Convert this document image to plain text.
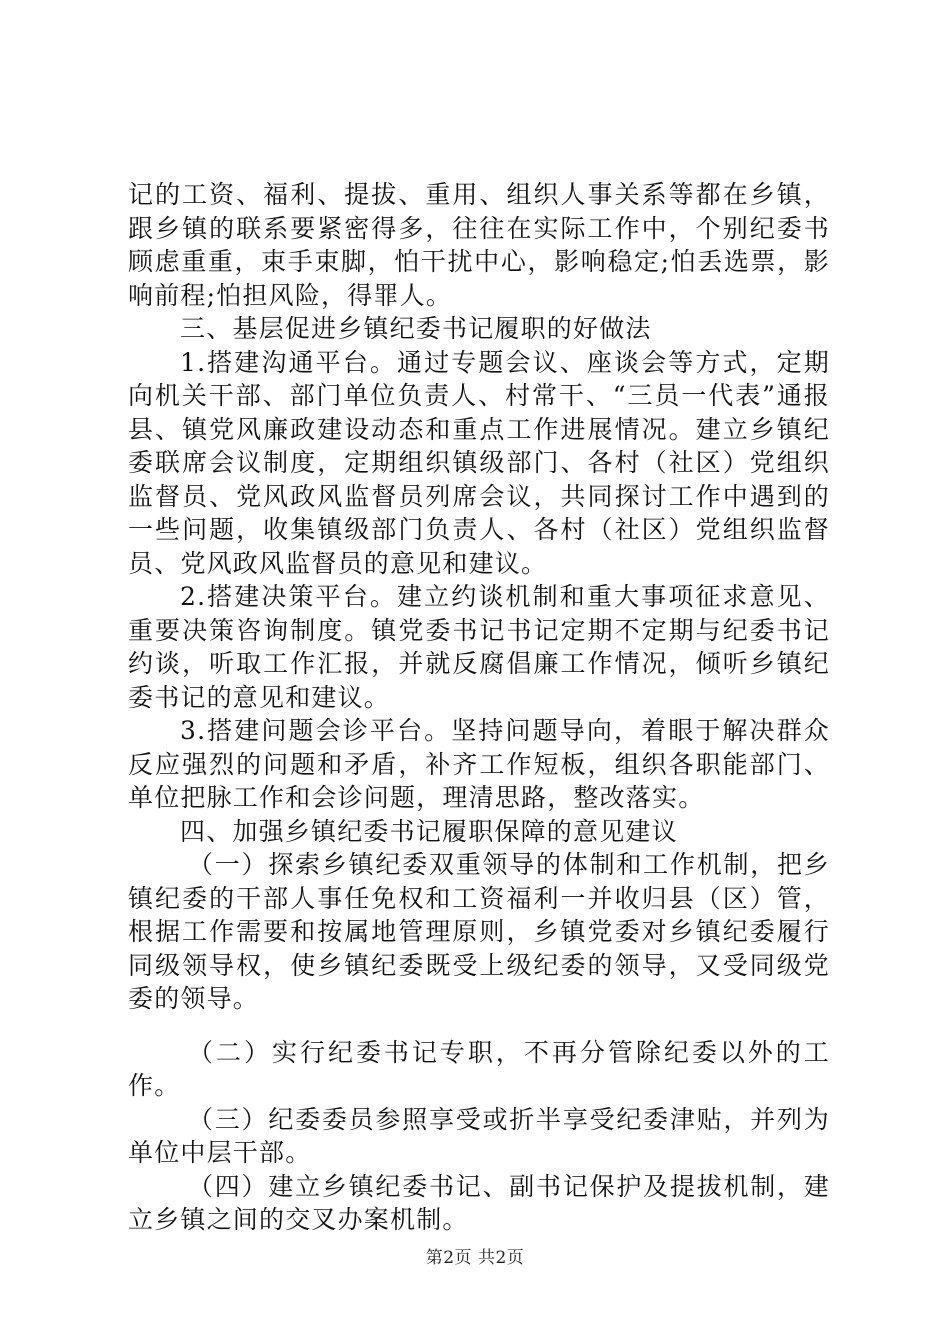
记的工资、福利、提拔、重用、组织人事关系等都在乡镇，跟乡镇的联系要紧密得多，往往在实际工作中，个别纪委书顾虑重重，束手束脚，怕干扰中心，影响稳定;怕丢选票，影响前程;怕担风险，得罪人。

三、基层促进乡镇纪委书记履职的好做法

1.搭建沟通平台。通过专题会议、座谈会等方式，定期向机关干部、部门单位负责人、村常干、“三员一代表”通报县、镇党风廉政建设动态和重点工作进展情况。建立乡镇纪委联席会议制度，定期组织镇级部门、各村（社区）党组织监督员、党风政风监督员列席会议，共同探讨工作中遇到的一些问题，收集镇级部门负责人、各村（社区）党组织监督员、党风政风监督员的意见和建议。

2.搭建决策平台。建立约谈机制和重大事项征求意见、重要决策咨询制度。镇党委书记书记定期不定期与纪委书记约谈，听取工作汇报，并就反腐倡廉工作情况，倾听乡镇纪委书记的意见和建议。

3.搭建问题会诊平台。坚持问题导向，着眼于解决群众反应强烈的问题和矛盾，补齐工作短板，组织各职能部门、单位把脉工作和会诊问题，理清思路，整改落实。

四、加强乡镇纪委书记履职保障的意见建议

（一）探索乡镇纪委双重领导的体制和工作机制，把乡镇纪委的干部人事任免权和工资福利一并收归县（区）管，根据工作需要和按属地管理原则，乡镇党委对乡镇纪委履行同级领导权，使乡镇纪委既受上级纪委的领导，又受同级党委的领导。

（二）实行纪委书记专职，不再分管除纪委以外的工作。

（三）纪委委员参照享受或折半享受纪委津贴，并列为单位中层干部。

（四）建立乡镇纪委书记、副书记保护及提拔机制，建立乡镇之间的交叉办案机制。

第2页 共2页
